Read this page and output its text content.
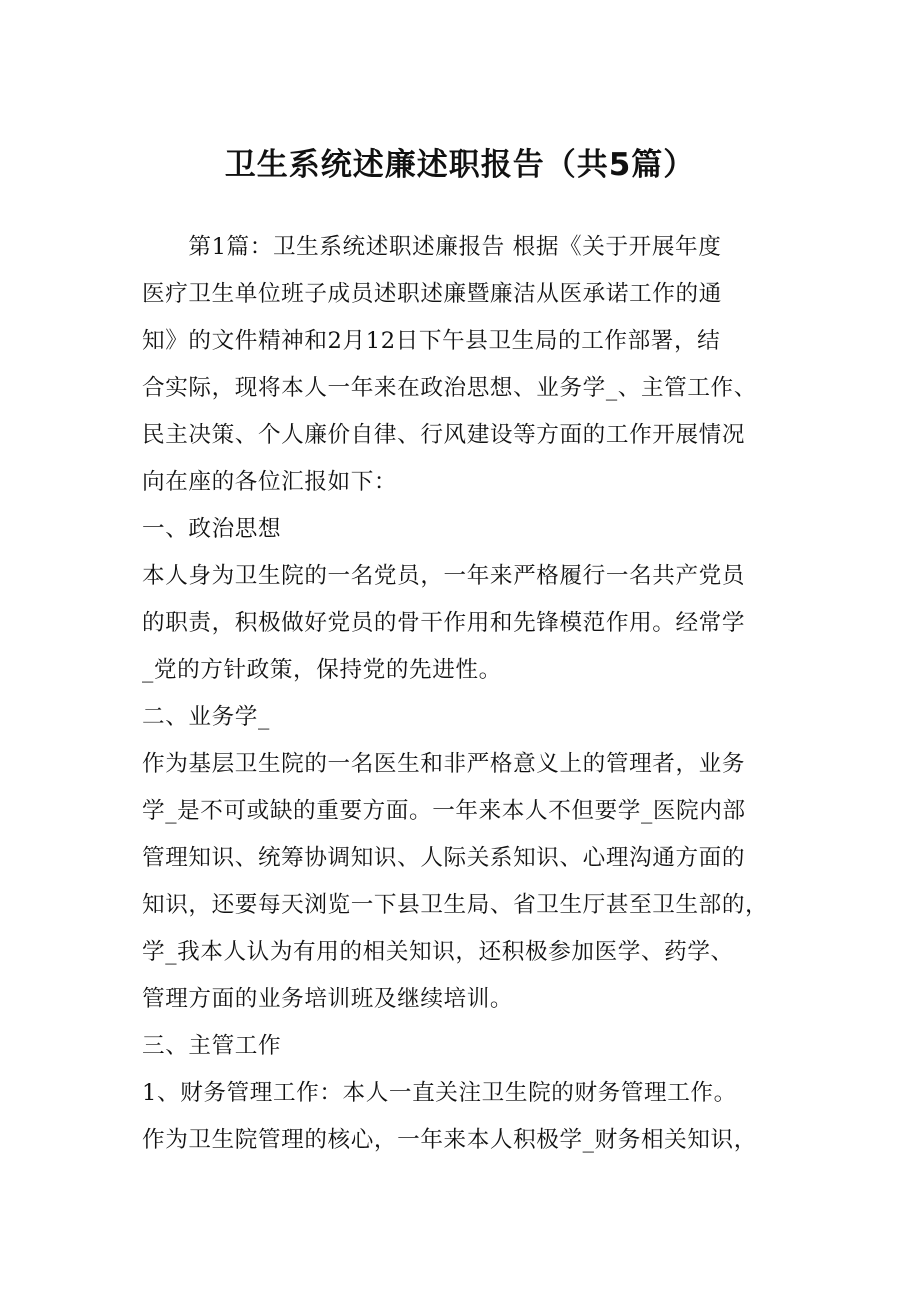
卫生系统述廉述职报告（共5篇）
　　第1篇：卫生系统述职述廉报告 根据《关于开展年度
医疗卫生单位班子成员述职述廉暨廉洁从医承诺工作的通
知》的文件精神和2月12日下午县卫生局的工作部署，结
合实际，现将本人一年来在政治思想、业务学_、主管工作、
民主决策、个人廉价自律、行风建设等方面的工作开展情况
向在座的各位汇报如下：
一、政治思想
本人身为卫生院的一名党员，一年来严格履行一名共产党员
的职责，积极做好党员的骨干作用和先锋模范作用。经常学
_党的方针政策，保持党的先进性。
二、业务学_
作为基层卫生院的一名医生和非严格意义上的管理者，业务
学_是不可或缺的重要方面。一年来本人不但要学_医院内部
管理知识、统筹协调知识、人际关系知识、心理沟通方面的
知识，还要每天浏览一下县卫生局、省卫生厅甚至卫生部的，
学_我本人认为有用的相关知识，还积极参加医学、药学、
管理方面的业务培训班及继续培训。
三、主管工作
1、财务管理工作：本人一直关注卫生院的财务管理工作。
作为卫生院管理的核心，一年来本人积极学_财务相关知识，
